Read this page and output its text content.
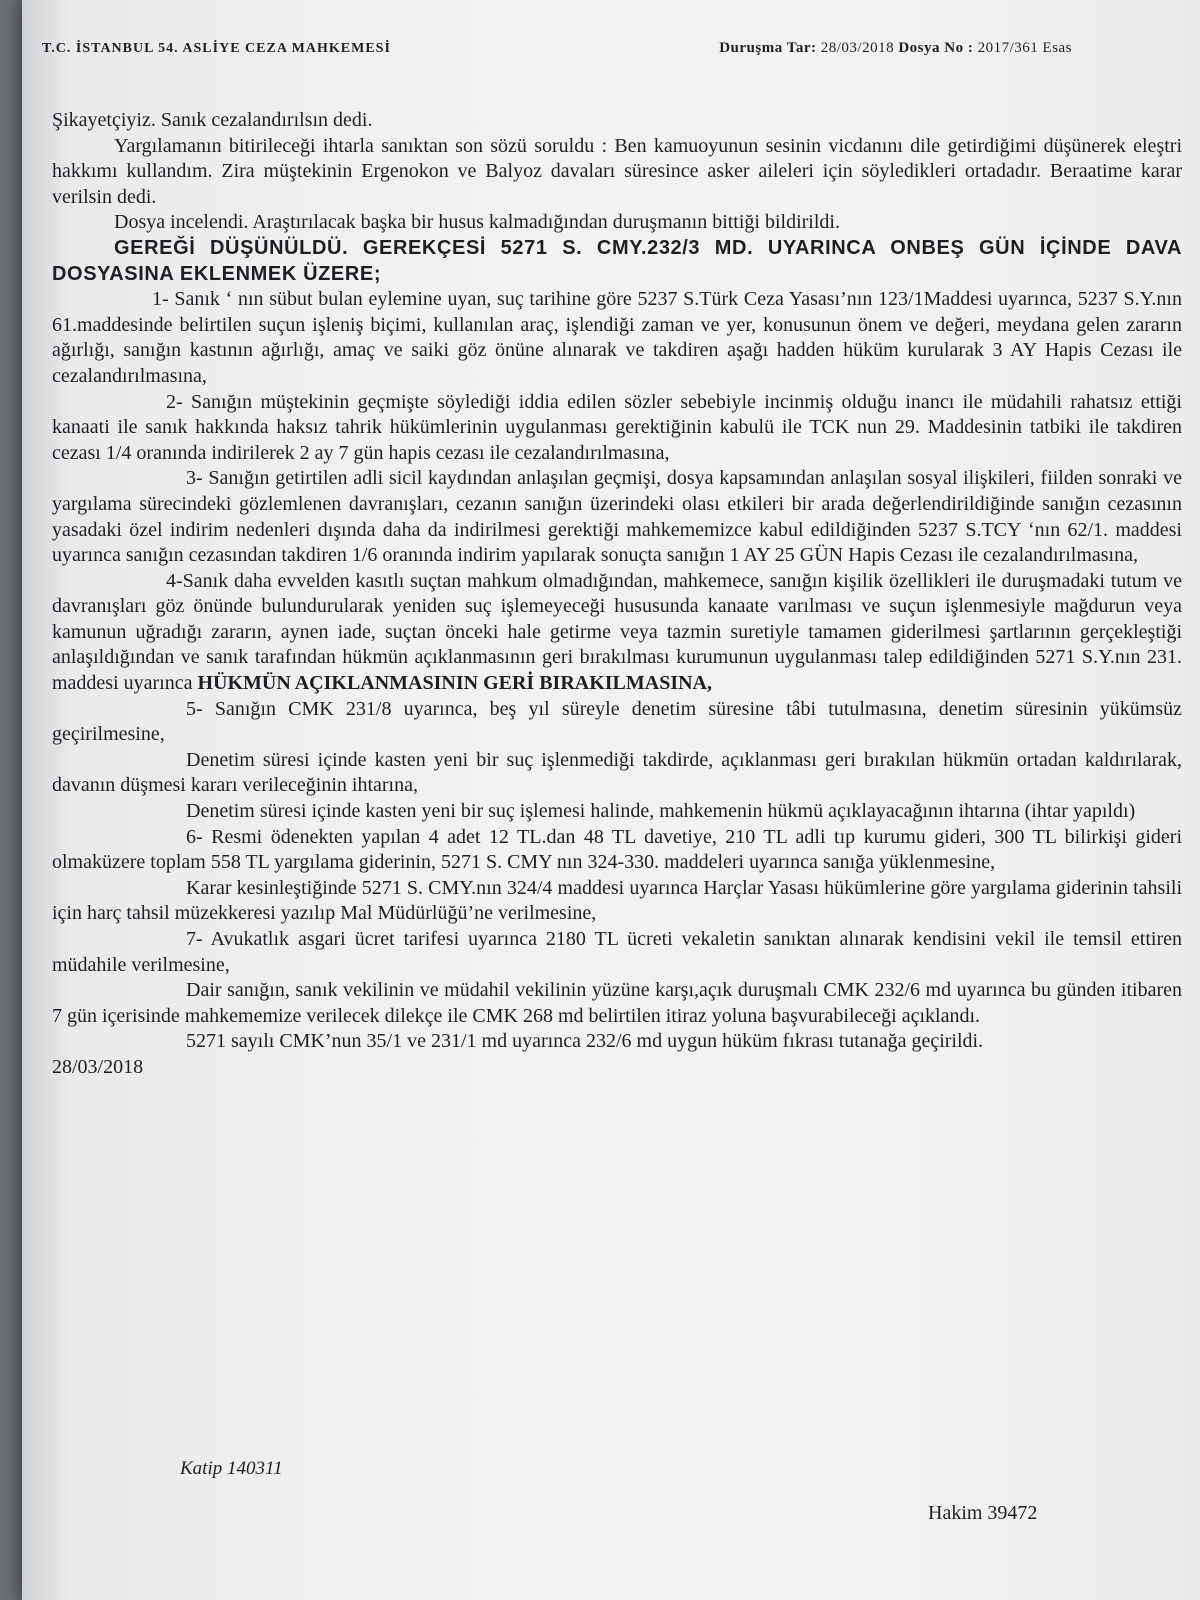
T.C. İSTANBUL 54. ASLİYE CEZA MAHKEMESİ	Duruşma Tar: 28/03/2018 Dosya No : 2017/361 Esas

Şikayetçiyiz. Sanık cezalandırılsın dedi.

Yargılamanın bitirileceği ihtarla sanıktan son sözü soruldu : Ben kamuoyunun sesinin vicdanını dile getirdiğimi düşünerek eleştri hakkımı kullandım. Zira müştekinin Ergenokon ve Balyoz davaları süresince asker aileleri için söyledikleri ortadadır. Beraatime karar verilsin dedi.

Dosya incelendi. Araştırılacak başka bir husus kalmadığından duruşmanın bittiği bildirildi.

GEREĞİ DÜŞÜNÜLDÜ. GEREKÇESİ 5271 S. CMY.232/3 MD. UYARINCA ONBEŞ GÜN İÇİNDE DAVA DOSYASINA EKLENMEK ÜZERE;

1- Sanık ‘ nın sübut bulan eylemine uyan, suç tarihine göre 5237 S.Türk Ceza Yasası’nın 123/1Maddesi uyarınca, 5237 S.Y.nın 61.maddesinde belirtilen suçun işleniş biçimi, kullanılan araç, işlendiği zaman ve yer, konusunun önem ve değeri, meydana gelen zararın ağırlığı, sanığın kastının ağırlığı, amaç ve saiki göz önüne alınarak ve takdiren aşağı hadden hüküm kurularak 3 AY Hapis Cezası ile cezalandırılmasına,

2- Sanığın müştekinin geçmişte söylediği iddia edilen sözler sebebiyle incinmiş olduğu inancı ile müdahili rahatsız ettiği kanaati ile sanık hakkında haksız tahrik hükümlerinin uygulanması gerektiğinin kabulü ile TCK nun 29. Maddesinin tatbiki ile takdiren cezası 1/4 oranında indirilerek 2 ay 7 gün hapis cezası ile cezalandırılmasına,

3- Sanığın getirtilen adli sicil kaydından anlaşılan geçmişi, dosya kapsamından anlaşılan sosyal ilişkileri, fiilden sonraki ve yargılama sürecindeki gözlemlenen davranışları, cezanın sanığın üzerindeki olası etkileri bir arada değerlendirildiğinde sanığın cezasının yasadaki özel indirim nedenleri dışında daha da indirilmesi gerektiği mahkememizce kabul edildiğinden 5237 S.TCY ‘nın 62/1. maddesi uyarınca sanığın cezasından takdiren 1/6 oranında indirim yapılarak sonuçta sanığın 1 AY 25 GÜN Hapis Cezası ile cezalandırılmasına,

4-Sanık daha evvelden kasıtlı suçtan mahkum olmadığından, mahkemece, sanığın kişilik özellikleri ile duruşmadaki tutum ve davranışları göz önünde bulundurularak yeniden suç işlemeyeceği hususunda kanaate varılması ve suçun işlenmesiyle mağdurun veya kamunun uğradığı zararın, aynen iade, suçtan önceki hale getirme veya tazmin suretiyle tamamen giderilmesi şartlarının gerçekleştiği anlaşıldığından ve sanık tarafından hükmün açıklanmasının geri bırakılması kurumunun uygulanması talep edildiğinden 5271 S.Y.nın 231. maddesi uyarınca HÜKMÜN AÇIKLANMASININ GERİ BIRAKILMASINA,

5- Sanığın CMK 231/8 uyarınca, beş yıl süreyle denetim süresine tâbi tutulmasına, denetim süresinin yükümsüz geçirilmesine,

Denetim süresi içinde kasten yeni bir suç işlenmediği takdirde, açıklanması geri bırakılan hükmün ortadan kaldırılarak, davanın düşmesi kararı verileceğinin ihtarına,

Denetim süresi içinde kasten yeni bir suç işlemesi halinde, mahkemenin hükmü açıklayacağının ihtarına (ihtar yapıldı)

6- Resmi ödenekten yapılan 4 adet 12 TL.dan 48 TL davetiye, 210 TL adli tıp kurumu gideri, 300 TL bilirkişi gideri olmaküzere toplam 558 TL yargılama giderinin, 5271 S. CMY nın 324-330. maddeleri uyarınca sanığa yüklenmesine,

Karar kesinleştiğinde 5271 S. CMY.nın 324/4 maddesi uyarınca Harçlar Yasası hükümlerine göre yargılama giderinin tahsili için harç tahsil müzekkeresi yazılıp Mal Müdürlüğü’ne verilmesine,

7- Avukatlık asgari ücret tarifesi uyarınca 2180 TL ücreti vekaletin sanıktan alınarak kendisini vekil ile temsil ettiren müdahile verilmesine,

Dair sanığın, sanık vekilinin ve müdahil vekilinin yüzüne karşı,açık duruşmalı CMK 232/6 md uyarınca bu günden itibaren 7 gün içerisinde mahkememize verilecek dilekçe ile CMK 268 md belirtilen itiraz yoluna başvurabileceği açıklandı.

5271 sayılı CMK’nun 35/1 ve 231/1 md uyarınca 232/6 md uygun hüküm fıkrası tutanağa geçirildi.

28/03/2018

Katip 140311
Hakim 39472
